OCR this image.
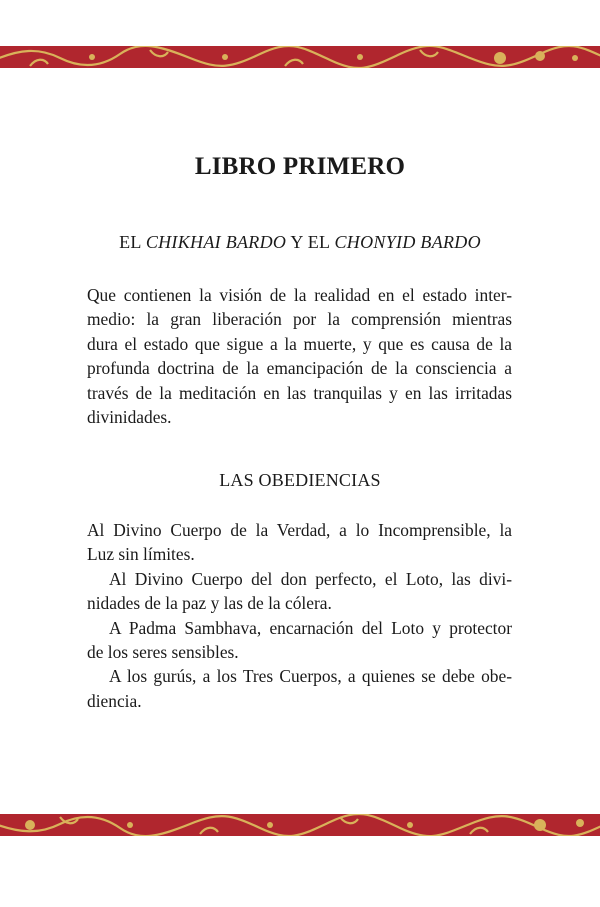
LIBRO PRIMERO
EL CHIKHAI BARDO Y EL CHONYID BARDO
Que contienen la visión de la realidad en el estado inter-
medio: la gran liberación por la comprensión mientras
dura el estado que sigue a la muerte, y que es causa de la
profunda doctrina de la emancipación de la consciencia a
través de la meditación en las tranquilas y en las irritadas
divinidades.
LAS OBEDIENCIAS
Al Divino Cuerpo de la Verdad, a lo Incomprensible, la
Luz sin límites.
Al Divino Cuerpo del don perfecto, el Loto, las divi-
nidades de la paz y las de la cólera.
A Padma Sambhava, encarnación del Loto y protector
de los seres sensibles.
A los gurús, a los Tres Cuerpos, a quienes se debe obe-
diencia.
